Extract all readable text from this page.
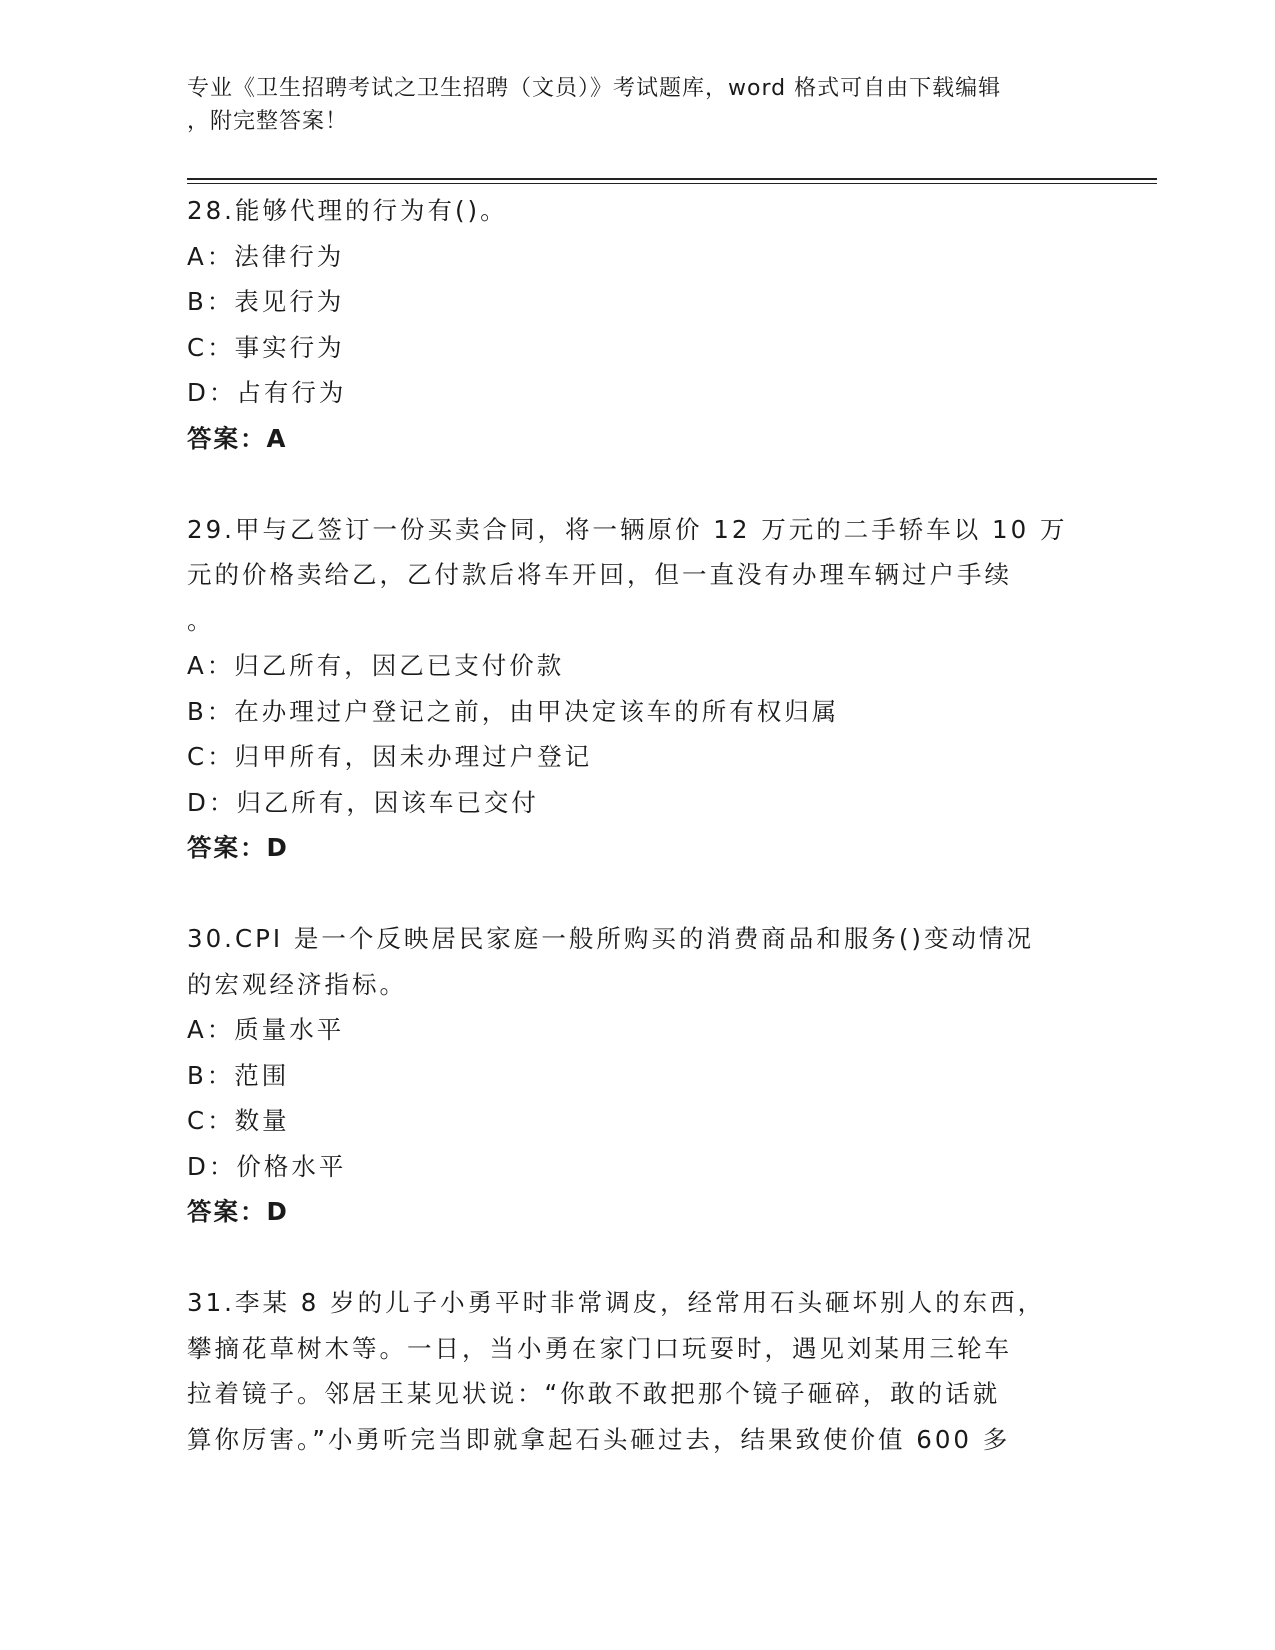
专业《卫生招聘考试之卫生招聘（文员）》考试题库，word 格式可自由下载编辑
，附完整答案！
28.能够代理的行为有()。
A：法律行为
B：表见行为
C：事实行为
D：占有行为
答案：A
29.甲与乙签订一份买卖合同，将一辆原价 12 万元的二手轿车以 10 万
元的价格卖给乙，乙付款后将车开回，但一直没有办理车辆过户手续
。
A：归乙所有，因乙已支付价款
B：在办理过户登记之前，由甲决定该车的所有权归属
C：归甲所有，因未办理过户登记
D：归乙所有，因该车已交付
答案：D
30.CPI 是一个反映居民家庭一般所购买的消费商品和服务()变动情况
的宏观经济指标。
A：质量水平
B：范围
C：数量
D：价格水平
答案：D
31.李某 8 岁的儿子小勇平时非常调皮，经常用石头砸坏别人的东西，
攀摘花草树木等。一日，当小勇在家门口玩耍时，遇见刘某用三轮车
拉着镜子。邻居王某见状说：“你敢不敢把那个镜子砸碎，敢的话就
算你厉害。”小勇听完当即就拿起石头砸过去，结果致使价值 600 多
